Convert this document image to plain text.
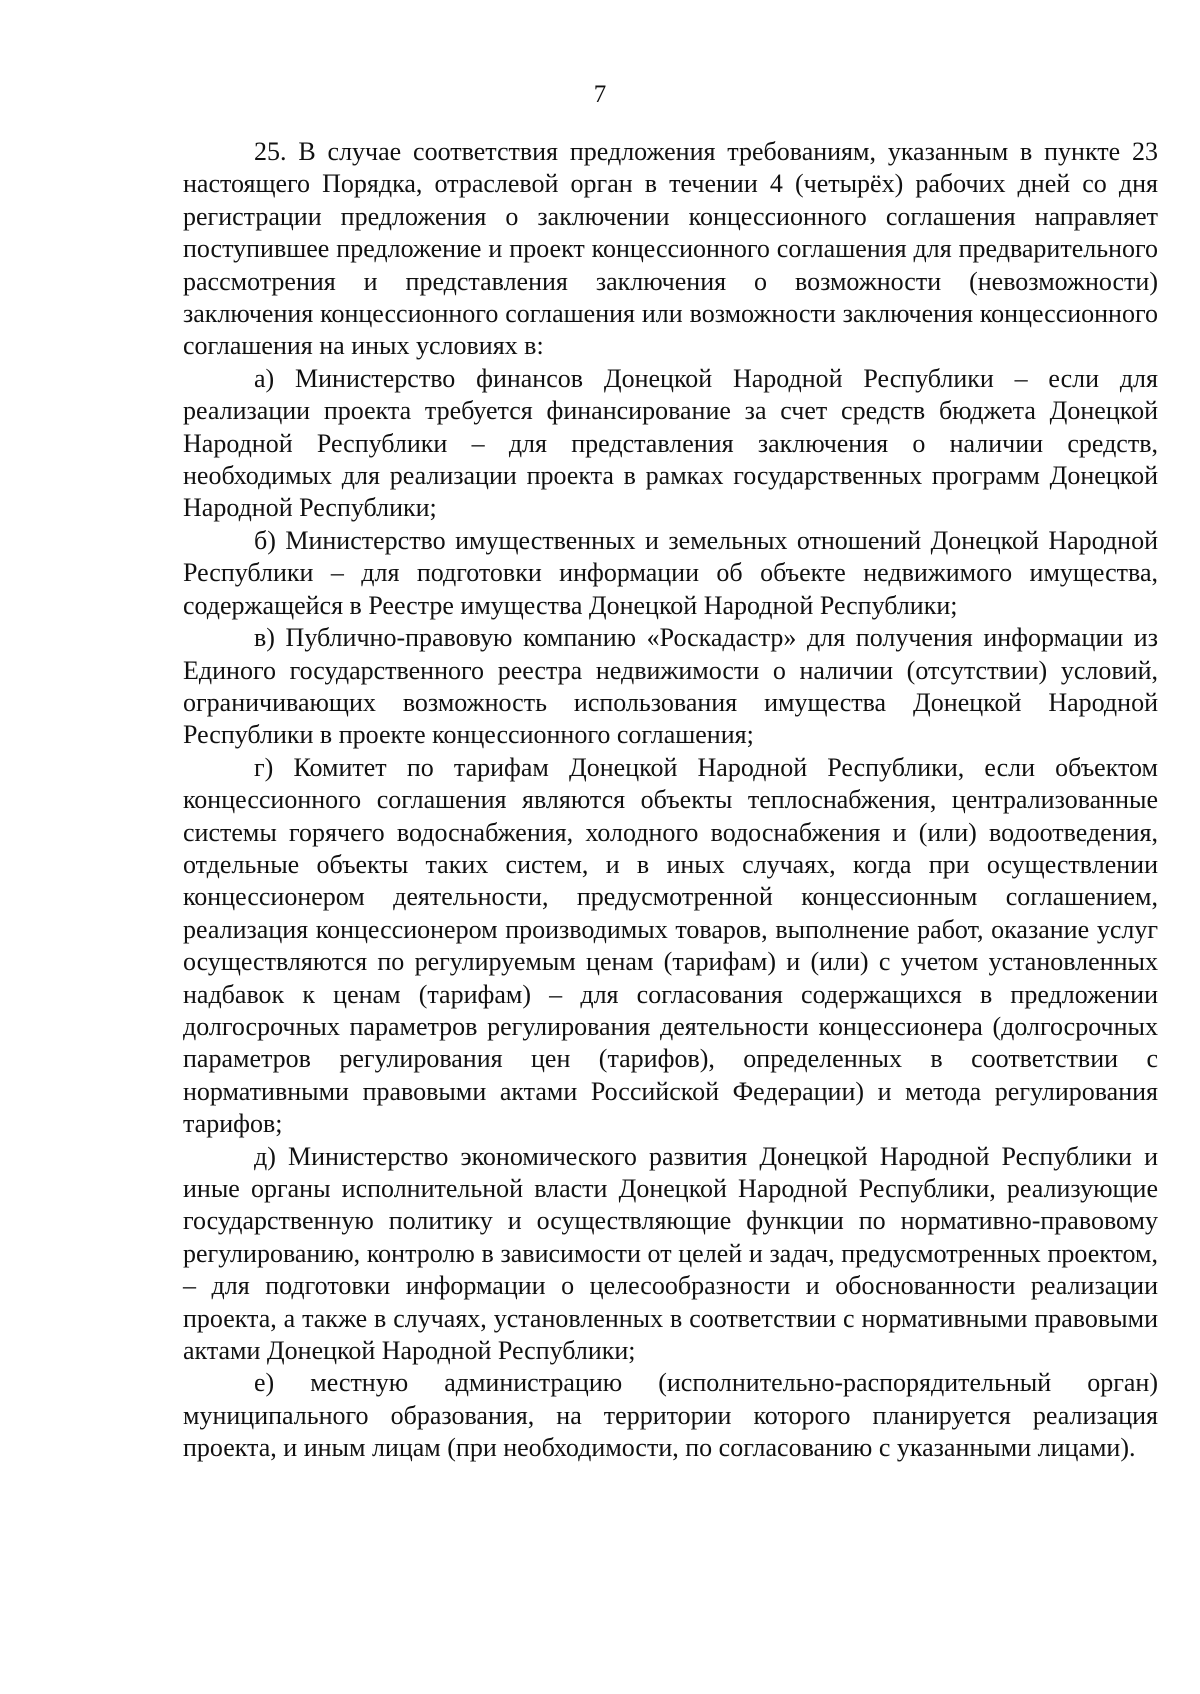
7

25. В случае соответствия предложения требованиям, указанным в пункте 23 настоящего Порядка, отраслевой орган в течении 4 (четырёх) рабочих дней со дня регистрации предложения о заключении концессионного соглашения направляет поступившее предложение и проект концессионного соглашения для предварительного рассмотрения и представления заключения о возможности (невозможности) заключения концессионного соглашения или возможности заключения концессионного соглашения на иных условиях в:

а) Министерство финансов Донецкой Народной Республики – если для реализации проекта требуется финансирование за счет средств бюджета Донецкой Народной Республики – для представления заключения о наличии средств, необходимых для реализации проекта в рамках государственных программ Донецкой Народной Республики;

б) Министерство имущественных и земельных отношений Донецкой Народной Республики – для подготовки информации об объекте недвижимого имущества, содержащейся в Реестре имущества Донецкой Народной Республики;

в) Публично-правовую компанию «Роскадастр» для получения информации из Единого государственного реестра недвижимости о наличии (отсутствии) условий, ограничивающих возможность использования имущества Донецкой Народной Республики в проекте концессионного соглашения;

г) Комитет по тарифам Донецкой Народной Республики, если объектом концессионного соглашения являются объекты теплоснабжения, централизованные системы горячего водоснабжения, холодного водоснабжения и (или) водоотведения, отдельные объекты таких систем, и в иных случаях, когда при осуществлении концессионером деятельности, предусмотренной концессионным соглашением, реализация концессионером производимых товаров, выполнение работ, оказание услуг осуществляются по регулируемым ценам (тарифам) и (или) с учетом установленных надбавок к ценам (тарифам) – для согласования содержащихся в предложении долгосрочных параметров регулирования деятельности концессионера (долгосрочных параметров регулирования цен (тарифов), определенных в соответствии с нормативными правовыми актами Российской Федерации) и метода регулирования тарифов;

д) Министерство экономического развития Донецкой Народной Республики и иные органы исполнительной власти Донецкой Народной Республики, реализующие государственную политику и осуществляющие функции по нормативно-правовому регулированию, контролю в зависимости от целей и задач, предусмотренных проектом, – для подготовки информации о целесообразности и обоснованности реализации проекта, а также в случаях, установленных в соответствии с нормативными правовыми актами Донецкой Народной Республики;

е) местную администрацию (исполнительно-распорядительный орган) муниципального образования, на территории которого планируется реализация проекта, и иным лицам (при необходимости, по согласованию с указанными лицами).
